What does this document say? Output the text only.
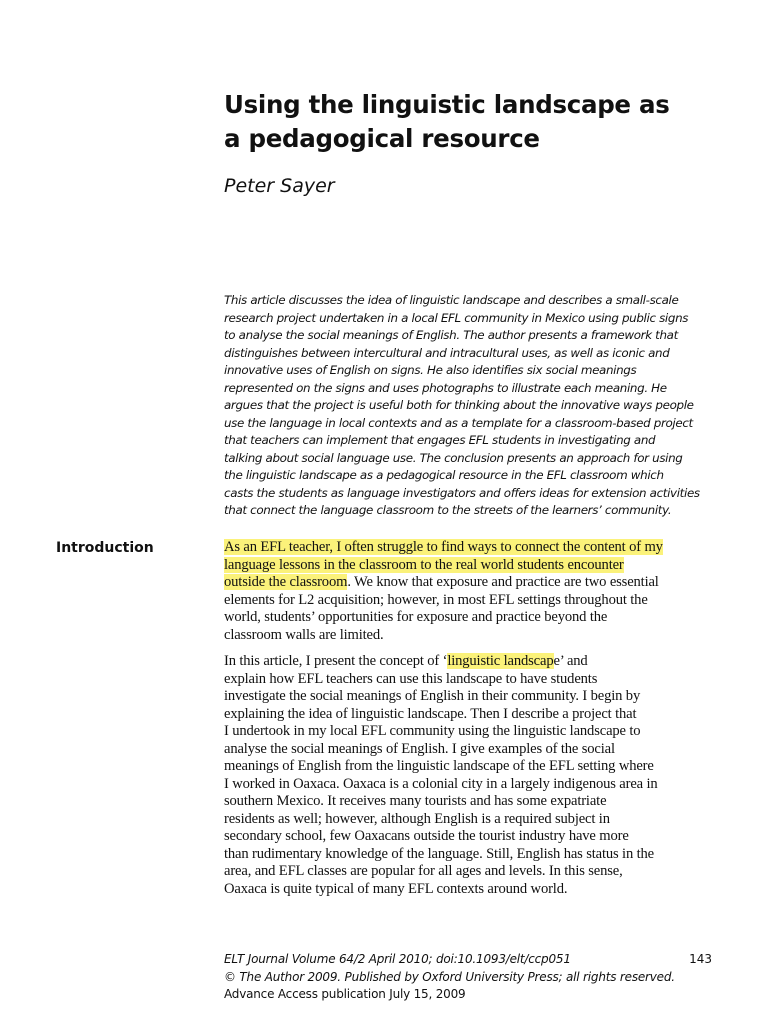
Using the linguistic landscape as
a pedagogical resource
Peter Sayer
This article discusses the idea of linguistic landscape and describes a small-scale
research project undertaken in a local EFL community in Mexico using public signs
to analyse the social meanings of English. The author presents a framework that
distinguishes between intercultural and intracultural uses, as well as iconic and
innovative uses of English on signs. He also identifies six social meanings
represented on the signs and uses photographs to illustrate each meaning. He
argues that the project is useful both for thinking about the innovative ways people
use the language in local contexts and as a template for a classroom-based project
that teachers can implement that engages EFL students in investigating and
talking about social language use. The conclusion presents an approach for using
the linguistic landscape as a pedagogical resource in the EFL classroom which
casts the students as language investigators and offers ideas for extension activities
that connect the language classroom to the streets of the learners’ community.
Introduction	As an EFL teacher, I often struggle to find ways to connect the content of my
language lessons in the classroom to the real world students encounter
outside the classroom. We know that exposure and practice are two essential
elements for L2 acquisition; however, in most EFL settings throughout the
world, students’ opportunities for exposure and practice beyond the
classroom walls are limited.
In this article, I present the concept of ‘linguistic landscape’ and
explain how EFL teachers can use this landscape to have students
investigate the social meanings of English in their community. I begin by
explaining the idea of linguistic landscape. Then I describe a project that
I undertook in my local EFL community using the linguistic landscape to
analyse the social meanings of English. I give examples of the social
meanings of English from the linguistic landscape of the EFL setting where
I worked in Oaxaca. Oaxaca is a colonial city in a largely indigenous area in
southern Mexico. It receives many tourists and has some expatriate
residents as well; however, although English is a required subject in
secondary school, few Oaxacans outside the tourist industry have more
than rudimentary knowledge of the language. Still, English has status in the
area, and EFL classes are popular for all ages and levels. In this sense,
Oaxaca is quite typical of many EFL contexts around world.
ELT Journal Volume 64/2 April 2010; doi:10.1093/elt/ccp051
© The Author 2009. Published by Oxford University Press; all rights reserved.
Advance Access publication July 15, 2009
143
